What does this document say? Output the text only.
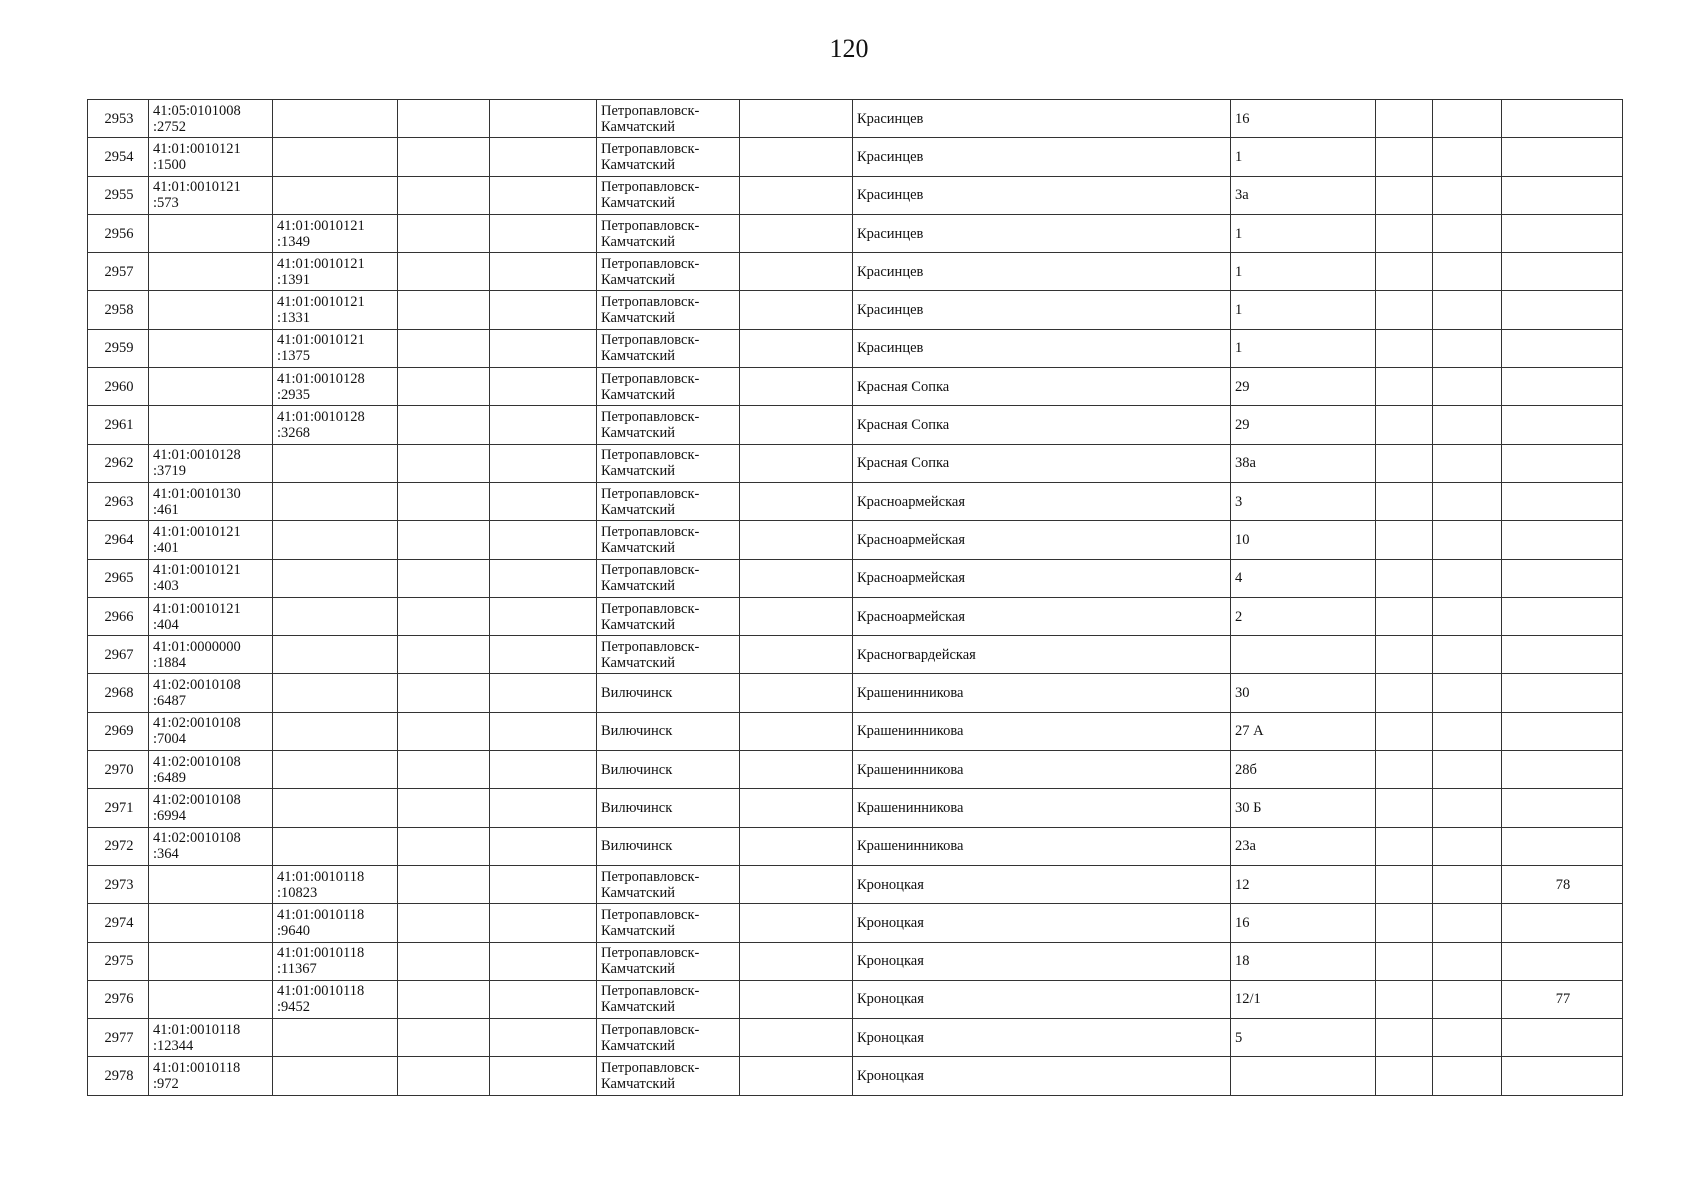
120
2953	41:05:0101008
:2752				Петропавловск-
Камчатский		Красинцев	16			
2954	41:01:0010121
:1500				Петропавловск-
Камчатский		Красинцев	1			
2955	41:01:0010121
:573				Петропавловск-
Камчатский		Красинцев	3а			
2956		41:01:0010121
:1349			Петропавловск-
Камчатский		Красинцев	1			
2957		41:01:0010121
:1391			Петропавловск-
Камчатский		Красинцев	1			
2958		41:01:0010121
:1331			Петропавловск-
Камчатский		Красинцев	1			
2959		41:01:0010121
:1375			Петропавловск-
Камчатский		Красинцев	1			
2960		41:01:0010128
:2935			Петропавловск-
Камчатский		Красная Сопка	29			
2961		41:01:0010128
:3268			Петропавловск-
Камчатский		Красная Сопка	29			
2962	41:01:0010128
:3719				Петропавловск-
Камчатский		Красная Сопка	38а			
2963	41:01:0010130
:461				Петропавловск-
Камчатский		Красноармейская	3			
2964	41:01:0010121
:401				Петропавловск-
Камчатский		Красноармейская	10			
2965	41:01:0010121
:403				Петропавловск-
Камчатский		Красноармейская	4			
2966	41:01:0010121
:404				Петропавловск-
Камчатский		Красноармейская	2			
2967	41:01:0000000
:1884				Петропавловск-
Камчатский		Красногвардейская				
2968	41:02:0010108
:6487				Вилючинск		Крашенинникова	30			
2969	41:02:0010108
:7004				Вилючинск		Крашенинникова	27 А			
2970	41:02:0010108
:6489				Вилючинск		Крашенинникова	28б			
2971	41:02:0010108
:6994				Вилючинск		Крашенинникова	30 Б			
2972	41:02:0010108
:364				Вилючинск		Крашенинникова	23а			
2973		41:01:0010118
:10823			Петропавловск-
Камчатский		Кроноцкая	12			78
2974		41:01:0010118
:9640			Петропавловск-
Камчатский		Кроноцкая	16			
2975		41:01:0010118
:11367			Петропавловск-
Камчатский		Кроноцкая	18			
2976		41:01:0010118
:9452			Петропавловск-
Камчатский		Кроноцкая	12/1			77
2977	41:01:0010118
:12344				Петропавловск-
Камчатский		Кроноцкая	5			
2978	41:01:0010118
:972				Петропавловск-
Камчатский		Кроноцкая				
